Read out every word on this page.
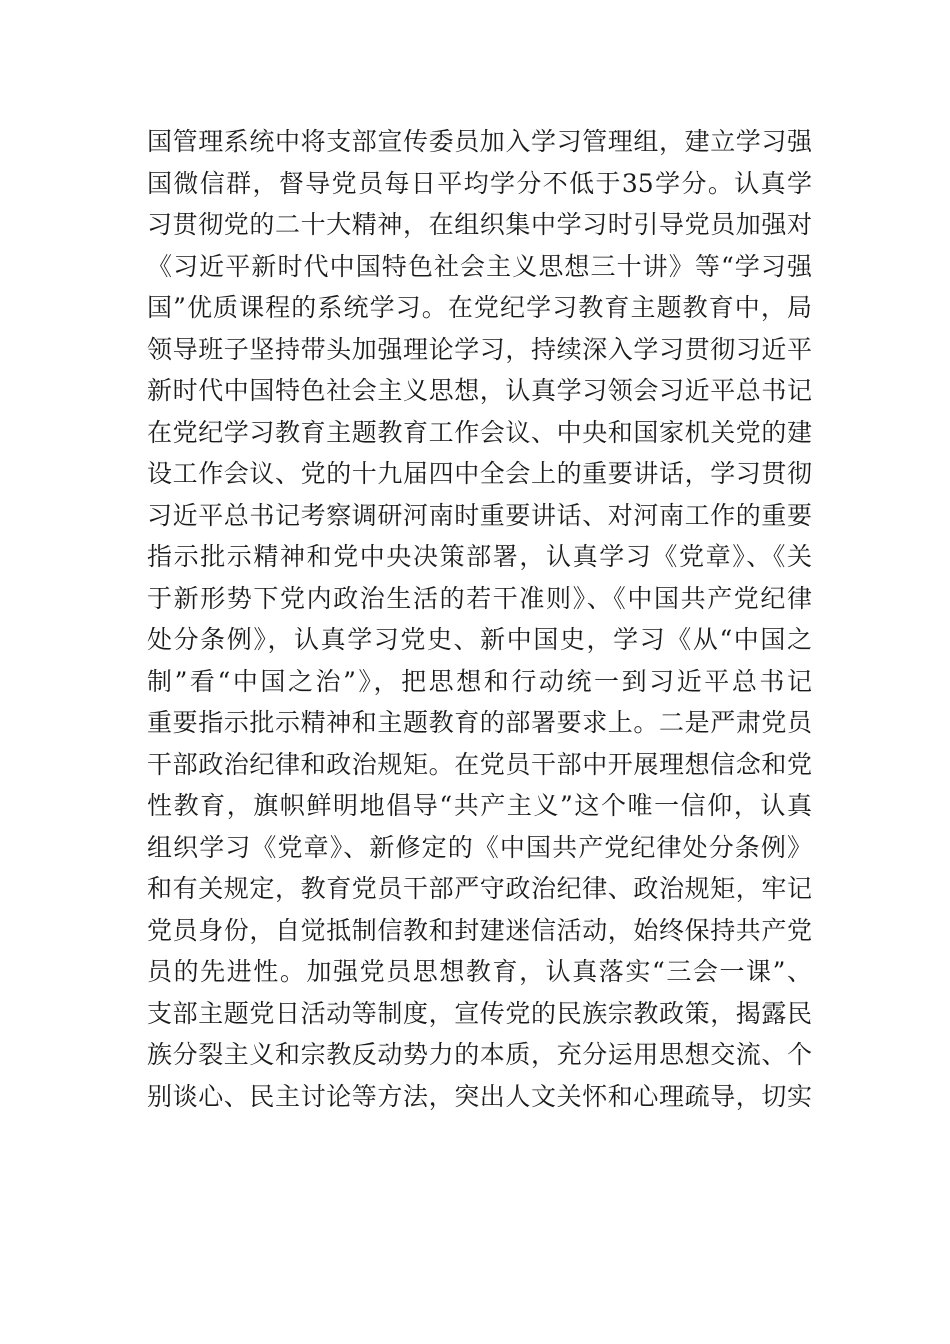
国管理系统中将支部宣传委员加入学习管理组，建立学习强
国微信群，督导党员每日平均学分不低于35学分。认真学
习贯彻党的二十大精神，在组织集中学习时引导党员加强对
《习近平新时代中国特色社会主义思想三十讲》等“学习强
国”优质课程的系统学习。在党纪学习教育主题教育中，局
领导班子坚持带头加强理论学习，持续深入学习贯彻习近平
新时代中国特色社会主义思想，认真学习领会习近平总书记
在党纪学习教育主题教育工作会议、中央和国家机关党的建
设工作会议、党的十九届四中全会上的重要讲话，学习贯彻
习近平总书记考察调研河南时重要讲话、对河南工作的重要
指示批示精神和党中央决策部署，认真学习《党章》、《关
于新形势下党内政治生活的若干准则》、《中国共产党纪律
处分条例》，认真学习党史、新中国史，学习《从“中国之
制”看“中国之治”》，把思想和行动统一到习近平总书记
重要指示批示精神和主题教育的部署要求上。二是严肃党员
干部政治纪律和政治规矩。在党员干部中开展理想信念和党
性教育，旗帜鲜明地倡导“共产主义”这个唯一信仰，认真
组织学习《党章》、新修定的《中国共产党纪律处分条例》
和有关规定，教育党员干部严守政治纪律、政治规矩，牢记
党员身份，自觉抵制信教和封建迷信活动，始终保持共产党
员的先进性。加强党员思想教育，认真落实“三会一课”、
支部主题党日活动等制度，宣传党的民族宗教政策，揭露民
族分裂主义和宗教反动势力的本质，充分运用思想交流、个
别谈心、民主讨论等方法，突出人文关怀和心理疏导，切实
